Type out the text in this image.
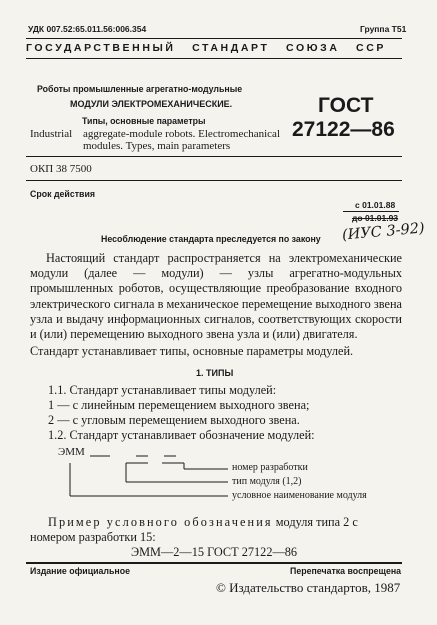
УДК 007.52:65.011.56:006.354	Группа Т51
ГОСУДАРСТВЕННЫЙ   СТАНДАРТ   СОЮЗА   ССР
Роботы промышленные агрегатно-модульные
МОДУЛИ ЭЛЕКТРОМЕХАНИЧЕСКИЕ.
Типы, основные параметры
Industrial aggregate-module robots. Electromechanical
modules. Types, main parameters
ГОСТ
27122—86
ОКП 38 7500
Срок действия
с 01.01.88
до 01.01.93
Несоблюдение стандарта преследуется по закону (ИУС 3-92)
Настоящий стандарт распространяется на электромеханические модули (далее — модули) — узлы агрегатно-модульных промышленных роботов, осуществляющие преобразование входного электрического сигнала в механическое перемещение выходного звена узла и выдачу информационных сигналов, соответствующих скорости и (или) перемещению выходного звена узла и (или) двигателя.
Стандарт устанавливает типы, основные параметры модулей.
1. ТИПЫ
1.1. Стандарт устанавливает типы модулей:
1 — с линейным перемещением выходного звена;
2 — с угловым перемещением выходного звена.
1.2. Стандарт устанавливает обозначение модулей:
ЭММ
номер разработки
тип модуля (1,2)
условное наименование модуля
Пример условного обозначения модуля типа 2 с
номером разработки 15:
ЭММ—2—15 ГОСТ 27122—86
Издание официальное	Перепечатка воспрещена
© Издательство стандартов, 1987
